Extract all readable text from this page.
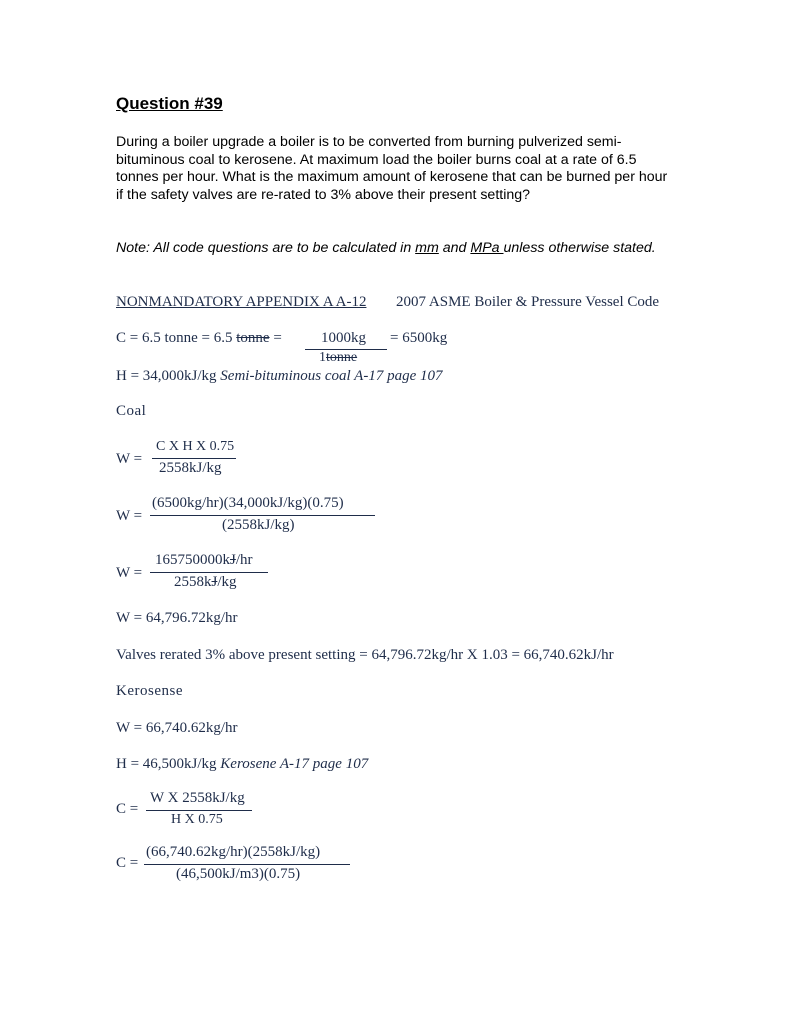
Question #39
During a boiler upgrade a boiler is to be converted from burning pulverized semi-bituminous coal to kerosene. At maximum load the boiler burns coal at a rate of 6.5 tonnes per hour. What is the maximum amount of kerosene that can be burned per hour if the safety valves are re-rated to 3% above their present setting?
Note: All code questions are to be calculated in mm and MPa unless otherwise stated.
NONMANDATORY APPENDIX A A-12 2007 ASME Boiler & Pressure Vessel Code
C = 6.5 tonne = 6.5 tonne =	1000kg = 6500kg
1tonne
H = 34,000kJ/kg Semi-bituminous coal A-17 page 107
Coal
W =
C X H X 0.75
2558kJ/kg
W =
(6500kg/hr)(34,000kJ/kg)(0.75)
(2558kJ/kg)
W =
165750000kJ/hr
2558kJ/kg
W = 64,796.72kg/hr
Valves rerated 3% above present setting = 64,796.72kg/hr X 1.03 = 66,740.62kJ/hr
Kerosense
W = 66,740.62kg/hr
H = 46,500kJ/kg Kerosene A-17 page 107
C =
W X 2558kJ/kg
H X 0.75
C =
(66,740.62kg/hr)(2558kJ/kg)
(46,500kJ/m3)(0.75)
